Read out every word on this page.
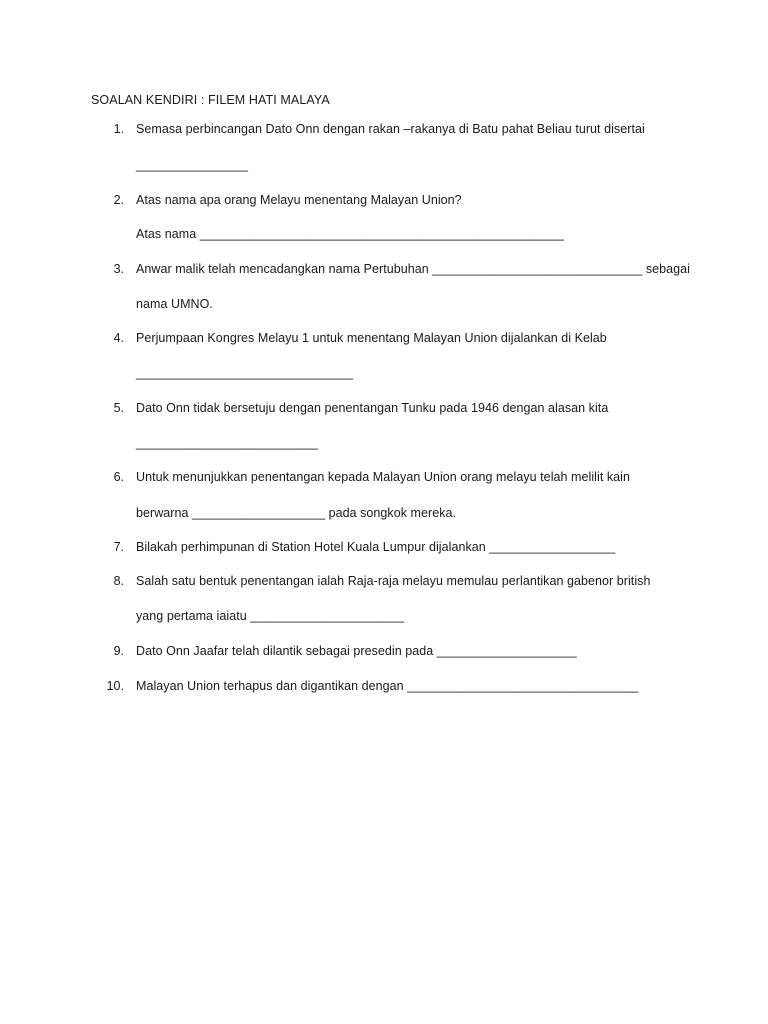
SOALAN KENDIRI : FILEM HATI MALAYA
1. Semasa perbincangan Dato Onn dengan rakan –rakanya di Batu pahat Beliau turut disertai
________________
2. Atas nama apa orang Melayu menentang Malayan Union?
Atas nama ____________________________________________________
3. Anwar malik telah mencadangkan nama Pertubuhan ______________________________ sebagai
nama UMNO.
4. Perjumpaan Kongres Melayu 1 untuk menentang Malayan Union dijalankan di Kelab
_______________________________
5. Dato Onn tidak bersetuju dengan penentangan Tunku pada 1946 dengan alasan kita
__________________________
6. Untuk menunjukkan penentangan kepada Malayan Union orang melayu telah melilit kain
berwarna ___________________ pada songkok mereka.
7. Bilakah perhimpunan di Station Hotel Kuala Lumpur dijalankan __________________
8. Salah satu bentuk penentangan ialah Raja-raja melayu memulau perlantikan gabenor british
yang pertama iaiatu ______________________
9. Dato Onn Jaafar telah dilantik sebagai presedin pada ____________________
10. Malayan Union terhapus dan digantikan dengan _________________________________
